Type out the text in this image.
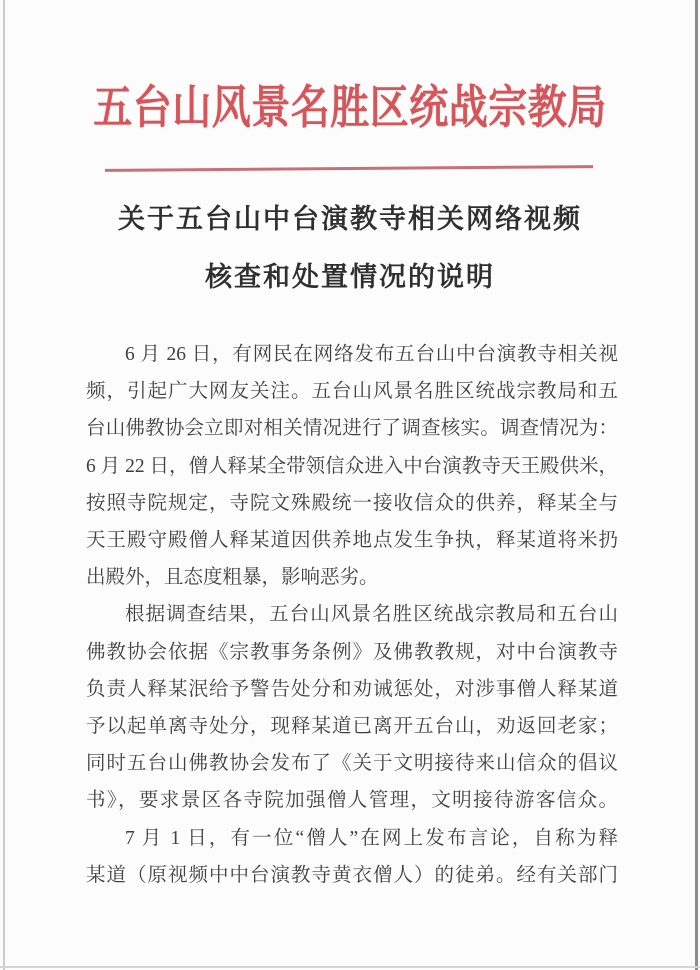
五台山风景名胜区统战宗教局
关于五台山中台演教寺相关网络视频
核查和处置情况的说明
6 月 26 日，有网民在网络发布五台山中台演教寺相关视
频，引起广大网友关注。五台山风景名胜区统战宗教局和五
台山佛教协会立即对相关情况进行了调查核实。调查情况为：
6 月 22 日，僧人释某全带领信众进入中台演教寺天王殿供米，
按照寺院规定，寺院文殊殿统一接收信众的供养，释某全与
天王殿守殿僧人释某道因供养地点发生争执，释某道将米扔
出殿外，且态度粗暴，影响恶劣。
根据调查结果，五台山风景名胜区统战宗教局和五台山
佛教协会依据《宗教事务条例》及佛教教规，对中台演教寺
负责人释某泯给予警告处分和劝诫惩处，对涉事僧人释某道
予以起单离寺处分，现释某道已离开五台山，劝返回老家；
同时五台山佛教协会发布了《关于文明接待来山信众的倡议
书》，要求景区各寺院加强僧人管理，文明接待游客信众。
7 月 1 日，有一位“僧人”在网上发布言论，自称为释
某道（原视频中中台演教寺黄衣僧人）的徒弟。经有关部门
